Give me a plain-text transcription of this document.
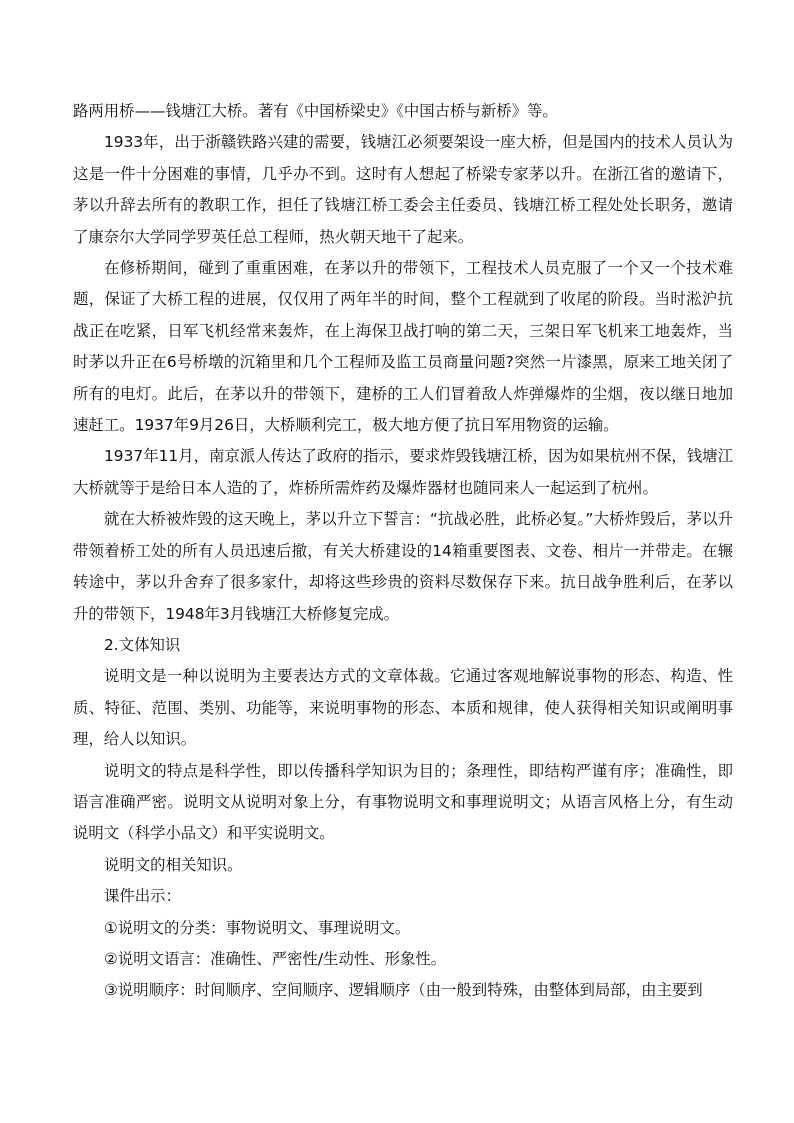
路两用桥——钱塘江大桥。著有《中国桥梁史》《中国古桥与新桥》等。

1933年，出于浙赣铁路兴建的需要，钱塘江必须要架设一座大桥，但是国内的技术人员认为这是一件十分困难的事情，几乎办不到。这时有人想起了桥梁专家茅以升。在浙江省的邀请下，茅以升辞去所有的教职工作，担任了钱塘江桥工委会主任委员、钱塘江桥工程处处长职务，邀请了康奈尔大学同学罗英任总工程师，热火朝天地干了起来。

在修桥期间，碰到了重重困难，在茅以升的带领下，工程技术人员克服了一个又一个技术难题，保证了大桥工程的进展，仅仅用了两年半的时间，整个工程就到了收尾的阶段。当时淞沪抗战正在吃紧，日军飞机经常来轰炸，在上海保卫战打响的第二天，三架日军飞机来工地轰炸，当时茅以升正在6号桥墩的沉箱里和几个工程师及监工员商量问题?突然一片漆黑，原来工地关闭了所有的电灯。此后，在茅以升的带领下，建桥的工人们冒着敌人炸弹爆炸的尘烟，夜以继日地加速赶工。1937年9月26日，大桥顺利完工，极大地方便了抗日军用物资的运输。

1937年11月，南京派人传达了政府的指示，要求炸毁钱塘江桥，因为如果杭州不保，钱塘江大桥就等于是给日本人造的了，炸桥所需炸药及爆炸器材也随同来人一起运到了杭州。

就在大桥被炸毁的这天晚上，茅以升立下誓言：“抗战必胜，此桥必复。”大桥炸毁后，茅以升带领着桥工处的所有人员迅速后撤，有关大桥建设的14箱重要图表、文卷、相片一并带走。在辗转途中，茅以升舍弃了很多家什，却将这些珍贵的资料尽数保存下来。抗日战争胜利后，在茅以升的带领下，1948年3月钱塘江大桥修复完成。

2.文体知识

说明文是一种以说明为主要表达方式的文章体裁。它通过客观地解说事物的形态、构造、性质、特征、范围、类别、功能等，来说明事物的形态、本质和规律，使人获得相关知识或阐明事理，给人以知识。

说明文的特点是科学性，即以传播科学知识为目的；条理性，即结构严谨有序；准确性，即语言准确严密。说明文从说明对象上分，有事物说明文和事理说明文；从语言风格上分，有生动说明文（科学小品文）和平实说明文。

说明文的相关知识。

课件出示：

①说明文的分类：事物说明文、事理说明文。

②说明文语言：准确性、严密性/生动性、形象性。

③说明顺序：时间顺序、空间顺序、逻辑顺序（由一般到特殊，由整体到局部，由主要到
